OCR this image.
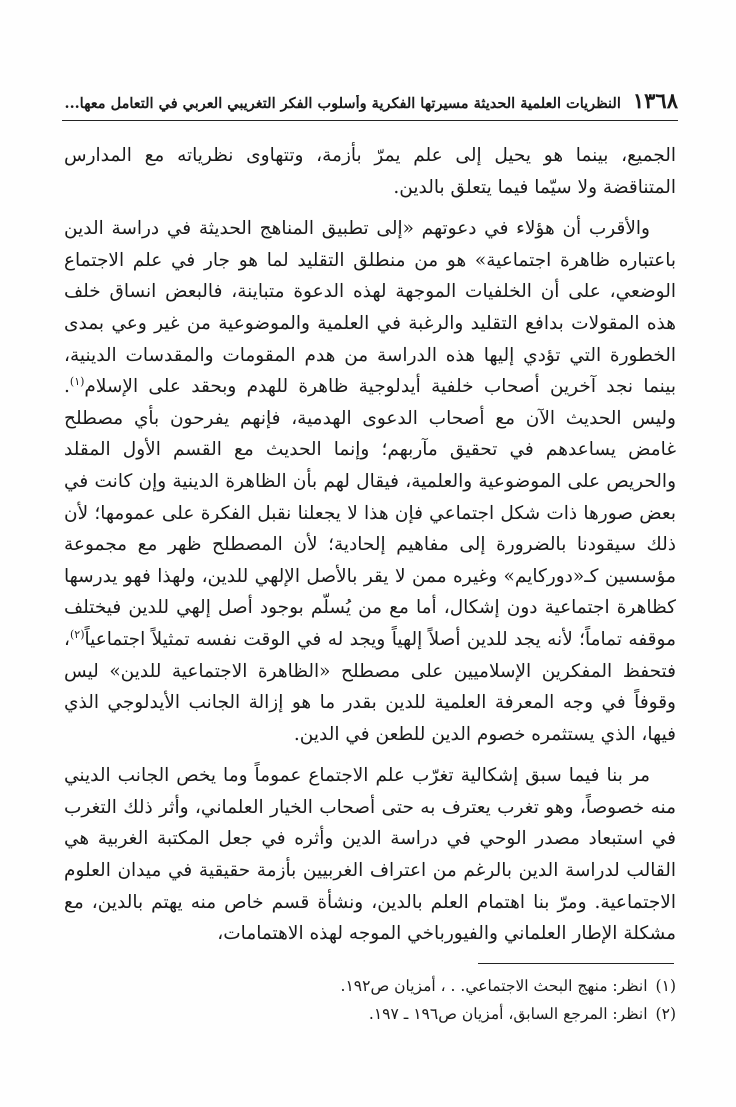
١٣٦٨
النظريات العلمية الحديثة مسيرتها الفكرية وأسلوب الفكر التغريبي العربي في التعامل معها...

الجميع، بينما هو يحيل إلى علم يمرّ بأزمة، وتتهاوى نظرياته مع المدارس المتناقضة ولا سيّما فيما يتعلق بالدين.

والأقرب أن هؤلاء في دعوتهم «إلى تطبيق المناهج الحديثة في دراسة الدين باعتباره ظاهرة اجتماعية» هو من منطلق التقليد لما هو جار في علم الاجتماع الوضعي، على أن الخلفيات الموجهة لهذه الدعوة متباينة، فالبعض انساق خلف هذه المقولات بدافع التقليد والرغبة في العلمية والموضوعية من غير وعي بمدى الخطورة التي تؤدي إليها هذه الدراسة من هدم المقومات والمقدسات الدينية، بينما نجد آخرين أصحاب خلفية أيدلوجية ظاهرة للهدم وبحقد على الإسلام$^{(١)}$. وليس الحديث الآن مع أصحاب الدعوى الهدمية، فإنهم يفرحون بأي مصطلح غامض يساعدهم في تحقيق مآربهم؛ وإنما الحديث مع القسم الأول المقلد والحريص على الموضوعية والعلمية، فيقال لهم بأن الظاهرة الدينية وإن كانت في بعض صورها ذات شكل اجتماعي فإن هذا لا يجعلنا نقبل الفكرة على عمومها؛ لأن ذلك سيقودنا بالضرورة إلى مفاهيم إلحادية؛ لأن المصطلح ظهر مع مجموعة مؤسسين كـ«دوركايم» وغيره ممن لا يقر بالأصل الإلهي للدين، ولهذا فهو يدرسها كظاهرة اجتماعية دون إشكال، أما مع من يُسلّم بوجود أصل إلهي للدين فيختلف موقفه تماماً؛ لأنه يجد للدين أصلاً إلهياً ويجد له في الوقت نفسه تمثيلاً اجتماعياً$^{(٢)}$، فتحفظ المفكرين الإسلاميين على مصطلح «الظاهرة الاجتماعية للدين» ليس وقوفاً في وجه المعرفة العلمية للدين بقدر ما هو إزالة الجانب الأيدلوجي الذي فيها، الذي يستثمره خصوم الدين للطعن في الدين.

مر بنا فيما سبق إشكالية تغرّب علم الاجتماع عموماً وما يخص الجانب الديني منه خصوصاً، وهو تغرب يعترف به حتى أصحاب الخيار العلماني، وأثر ذلك التغرب في استبعاد مصدر الوحي في دراسة الدين وأثره في جعل المكتبة الغربية هي القالب لدراسة الدين بالرغم من اعتراف الغربيين بأزمة حقيقية في ميدان العلوم الاجتماعية. ومرّ بنا اهتمام العلم بالدين، ونشأة قسم خاص منه يهتم بالدين، مع مشكلة الإطار العلماني والفيورباخي الموجه لهذه الاهتمامات،

(١)انظر: منهج البحث الاجتماعي. . ، أمزيان ص١٩٢.
(٢)انظر: المرجع السابق، أمزيان ص١٩٦ ـ ١٩٧.
